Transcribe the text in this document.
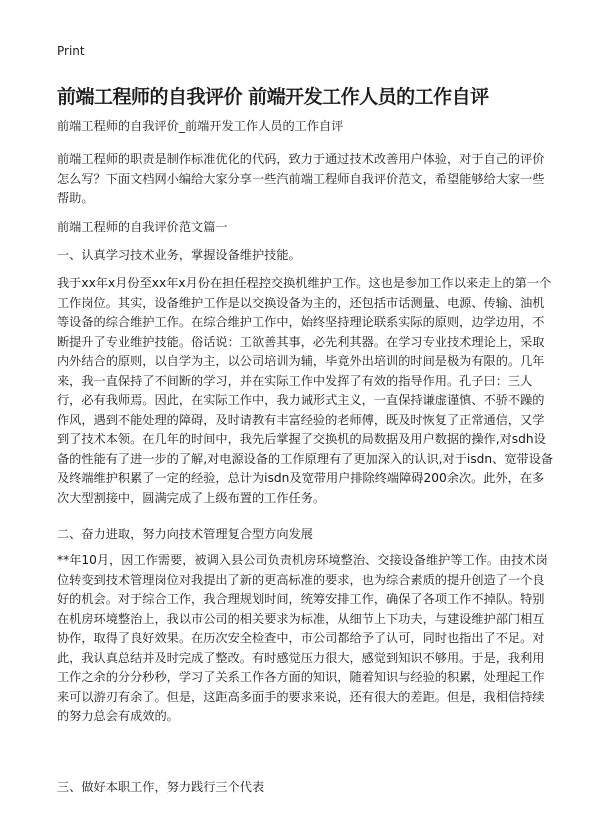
Print
前端工程师的自我评价 前端开发工作人员的工作自评
前端工程师的自我评价_前端开发工作人员的工作自评
前端工程师的职责是制作标准优化的代码，致力于通过技术改善用户体验，对于自己的评价怎么写？下面文档网小编给大家分享一些汽前端工程师自我评价范文，希望能够给大家一些帮助。
前端工程师的自我评价范文篇一
一、认真学习技术业务，掌握设备维护技能。
我于xx年x月份至xx年x月份在担任程控交换机维护工作。这也是参加工作以来走上的第一个工作岗位。其实，设备维护工作是以交换设备为主的，还包括市话测量、电源、传输、油机等设备的综合维护工作。在综合维护工作中，始终坚持理论联系实际的原则，边学边用，不断提升了专业维护技能。俗话说：工欲善其事，必先利其器。在学习专业技术理论上，采取内外结合的原则，以自学为主，以公司培训为辅，毕竟外出培训的时间是极为有限的。几年来，我一直保持了不间断的学习，并在实际工作中发挥了有效的指导作用。孔子曰：三人行，必有我师焉。因此，在实际工作中，我力诫形式主义，一直保持谦虚谨慎、不骄不躁的作风，遇到不能处理的障碍，及时请教有丰富经验的老师傅，既及时恢复了正常通信，又学到了技术本领。在几年的时间中，我先后掌握了交换机的局数据及用户数据的操作,对sdh设备的性能有了进一步的了解,对电源设备的工作原理有了更加深入的认识,对于isdn、宽带设备及终端维护积累了一定的经验，总计为isdn及宽带用户排除终端障碍200余次。此外，在多次大型割接中，圆满完成了上级布置的工作任务。
二、奋力进取，努力向技术管理复合型方向发展
**年10月，因工作需要，被调入县公司负责机房环境整治、交接设备维护等工作。由技术岗位转变到技术管理岗位对我提出了新的更高标准的要求，也为综合素质的提升创造了一个良好的机会。对于综合工作，我合理规划时间，统筹安排工作，确保了各项工作不掉队。特别在机房环境整治上，我以市公司的相关要求为标准，从细节上下功夫，与建设维护部门相互协作，取得了良好效果。在历次安全检查中，市公司都给予了认可，同时也指出了不足。对此，我认真总结并及时完成了整改。有时感觉压力很大，感觉到知识不够用。于是，我利用工作之余的分分秒秒，学习了关系工作各方面的知识，随着知识与经验的积累，处理起工作来可以游刃有余了。但是，这距高多面手的要求来说，还有很大的差距。但是，我相信持续的努力总会有成效的。
三、做好本职工作，努力践行三个代表
